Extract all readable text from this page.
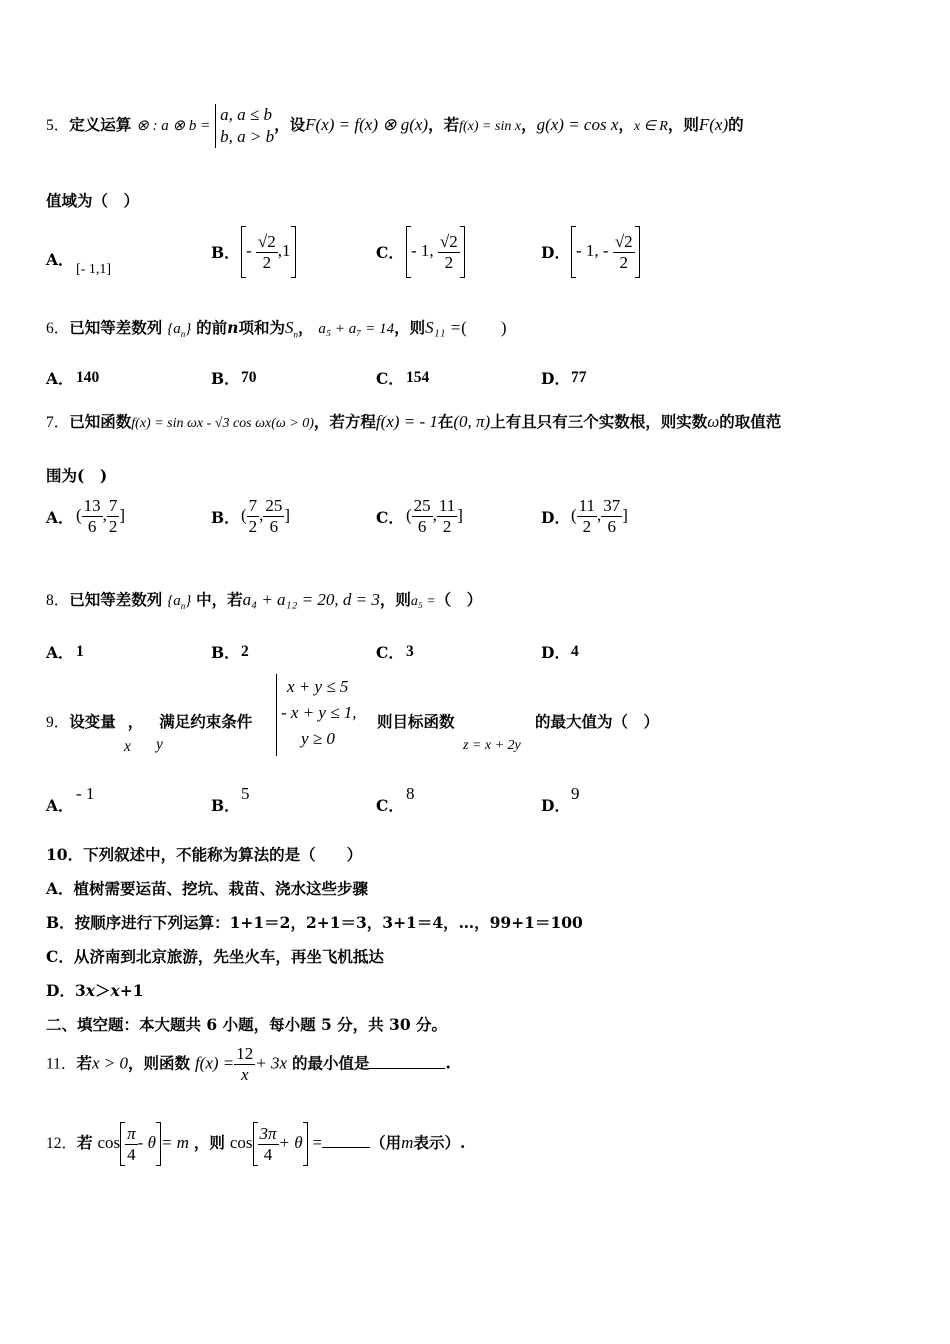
5．定义运算 ⊗ : a ⊗ b =
a, a ≤ b
b, a > b
，设F(x) = f(x) ⊗ g(x)，若f(x) = sin x，g(x) = cos x，x ∈ R，则F(x)的
值域为（　）
A．[- 1,1]
B． - $\frac{√2}{2} ,1$	C． - 1, $\frac{√2}{2}$	D． - 1, - $\frac{√2}{2}$
6．已知等差数列 $\{a_n\}$ 的前n项和为$S_n$， a₅ + a₇ = 14，则S₁₁ =(　　)
A． 140	B．70	C． 154	D．77
7．已知函数f(x) = sin ωx - √3 cos ωx(ω > 0)，若方程f(x) = - 1在(0, π)上有且只有三个实数根，则实数ω的取值范
围为(　)
A． ( $\frac{13}{6}$ , $\frac{7}{2}$ ]	B．( $\frac{7}{2}$ , $\frac{25}{6}$ ]	C． ( $\frac{25}{6}$ , $\frac{11}{2}$ ]	D．( $\frac{11}{2}$ , $\frac{37}{6}$ ]
8．已知等差数列 $\{a_n\}$ 中，若a₄ + a₁₂ = 20, d = 3，则a₅ =（　）
A． 1	B．2	C． 3	D．4
9．设变量 ， 满足约束条件
x y
x + y ≤ 5
- x + y ≤ 1,
y ≥ 0
则目标函数
z = x + 2y
的最大值为（　）
A．- 1
B．5
C．8
D．9
10．下列叙述中，不能称为算法的是（　　）
A．植树需要运苗、挖坑、栽苗、浇水这些步骤
B．按顺序进行下列运算：1+1＝2，2+1＝3，3+1＝4，…，99+1＝100
C．从济南到北京旅游，先坐火车，再坐飞机抵达
D．3x＞x+1
二、填空题：本大题共 6 小题，每小题 5 分，共 30 分。
11．若x > 0，则函数 $f(x) = \frac{12}{x} + 3x$ 的最小值是	.
12．若 $\cos \frac{\pi}{4} - \theta = m$ ，则 $\cos \frac{3\pi}{4} + \theta$ =	（用m表示）.
